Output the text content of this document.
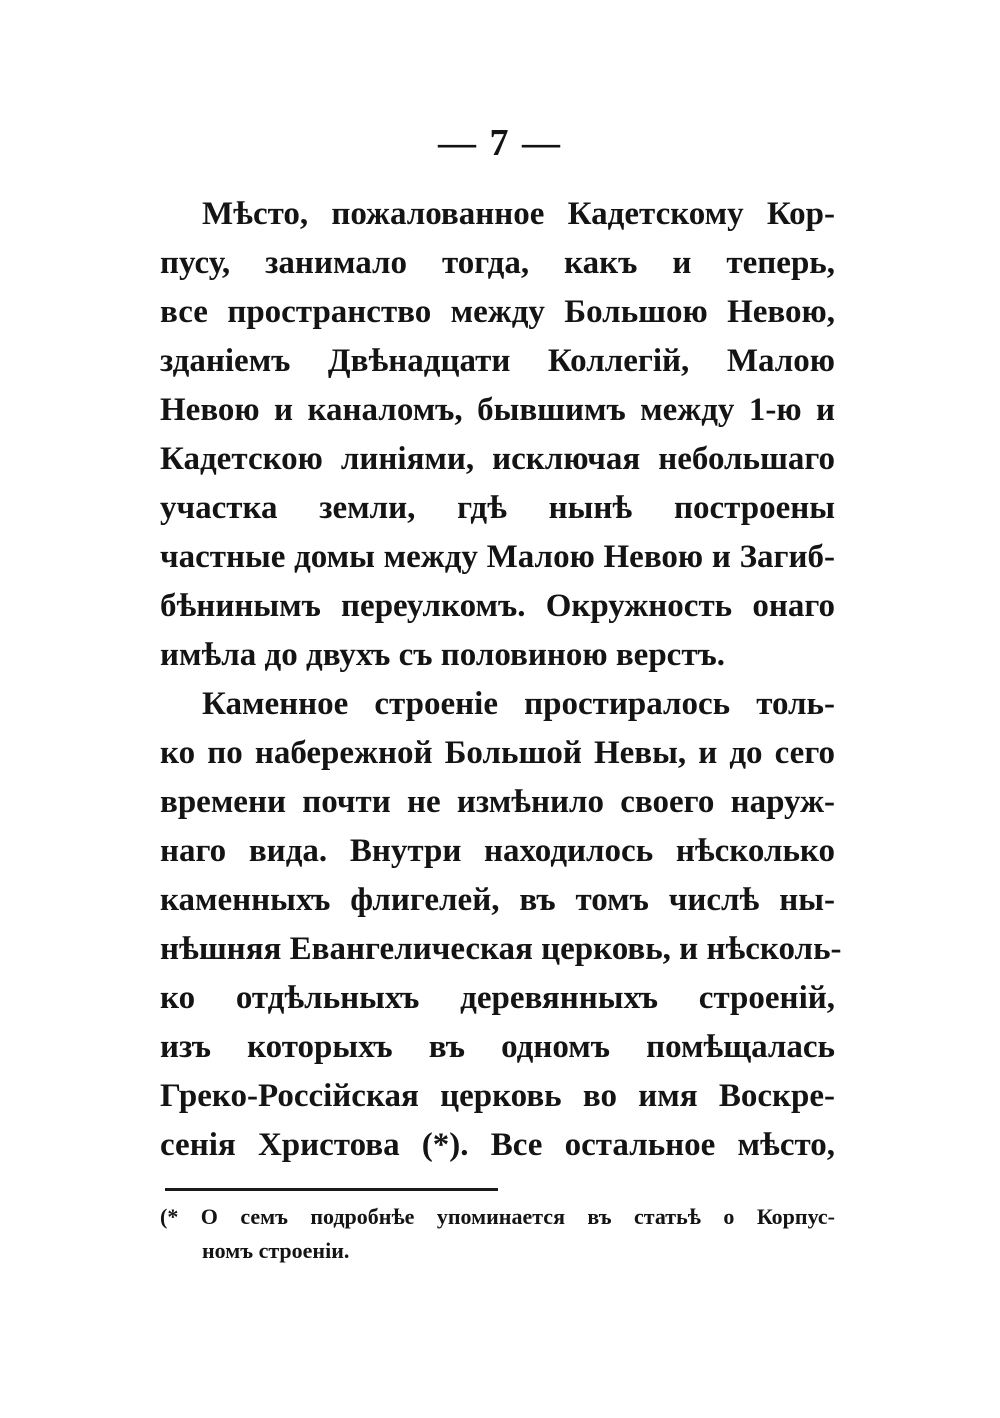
— 7 —
Мѣсто, пожалованное Кадетскому Кор-
пусу, занимало тогда, какъ и теперь,
все пространство между Большою Невою,
зданіемъ Двѣнадцати Коллегій, Малою
Невою и каналомъ, бывшимъ между 1-ю и
Кадетскою линіями, исключая небольшаго
участка земли, гдѣ нынѣ построены
частные домы между Малою Невою и Загиб-
бѣнинымъ переулкомъ. Окружность онаго
имѣла до двухъ съ половиною верстъ.
Каменное строеніе простиралось толь-
ко по набережной Большой Невы, и до сего
времени почти не измѣнило своего наруж-
наго вида. Внутри находилось нѣсколько
каменныхъ флигелей, въ томъ числѣ ны-
нѣшняя Евангелическая церковь, и нѣсколь-
ко отдѣльныхъ деревянныхъ строеній,
изъ которыхъ въ одномъ помѣщалась
Греко-Россійская церковь во имя Воскре-
сенія Христова (*). Все остальное мѣсто,
(* О семъ подробнѣе упоминается въ статьѣ о Корпус-
номъ строеніи.
